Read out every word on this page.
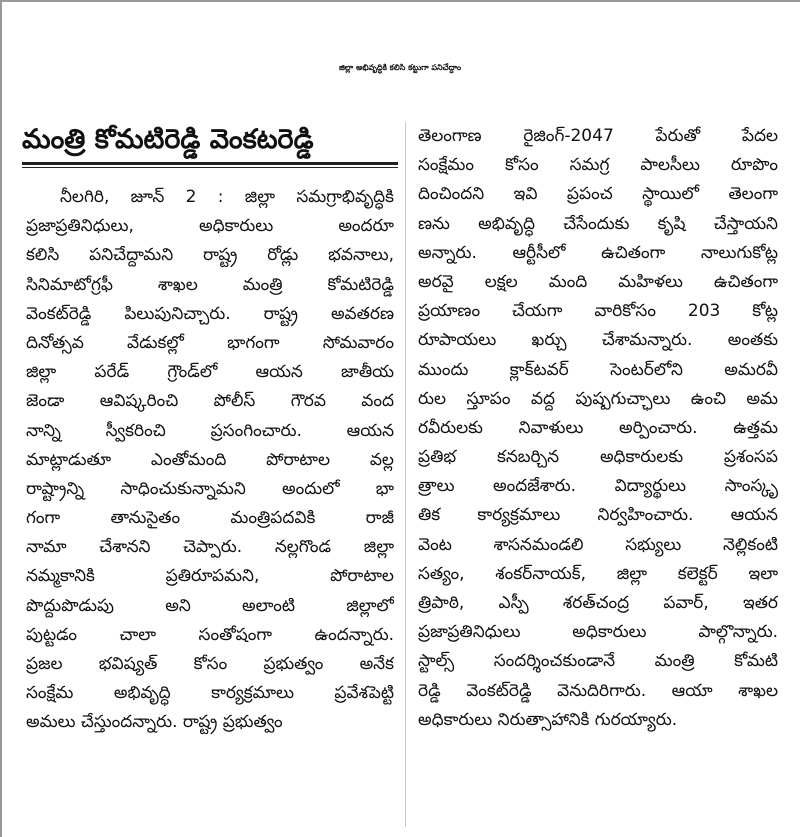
జిల్లా అభివృద్ధికి కలిసి కట్టుగా పనిచేద్దాం
మంత్రి కోమటిరెడ్డి వెంకటరెడ్డి
నీలగిరి, జూన్ 2 : జిల్లా సమగ్రాభివృద్ధికి
ప్రజాప్రతినిధులు, అధికారులు అందరూ
కలిసి పనిచేద్దామని రాష్ట్ర రోడ్లు భవనాలు,
సినిమాటోగ్రఫీ శాఖల మంత్రి కోమటిరెడ్డి
వెంకట్‌రెడ్డి పిలుపునిచ్చారు. రాష్ట్ర అవతరణ
దినోత్సవ వేడుకల్లో భాగంగా సోమవారం
జిల్లా పరేడ్ గ్రౌండ్‌లో ఆయన జాతీయ
జెండా ఆవిష్కరించి పోలీస్ గౌరవ వంద
నాన్ని స్వీకరించి ప్రసంగించారు. ఆయన
మాట్లాడుతూ ఎంతోమంది పోరాటాల వల్ల
రాష్ట్రాన్ని సాధించుకున్నామని అందులో భా
గంగా తానుసైతం మంత్రిపదవికి రాజీ
నామా చేశానని చెప్పారు. నల్లగొండ జిల్లా
నమ్మకానికి ప్రతిరూపమని, పోరాటాల
పొద్దుపొడుపు అని అలాంటి జిల్లాలో
పుట్టడం చాలా సంతోషంగా ఉందన్నారు.
ప్రజల భవిష్యత్ కోసం ప్రభుత్వం అనేక
సంక్షేమ అభివృద్ధి కార్యక్రమాలు ప్రవేశపెట్టి
అమలు చేస్తుందన్నారు. రాష్ట్ర ప్రభుత్వం
తెలంగాణ రైజింగ్-2047 పేరుతో పేదల
సంక్షేమం కోసం సమగ్ర పాలసీలు రూపొం
దించిందని ఇవి ప్రపంచ స్థాయిలో తెలంగా
ణను అభివృద్ధి చేసేందుకు కృషి చేస్తాయని
అన్నారు. ఆర్టీసీలో ఉచితంగా నాలుగుకోట్ల
అరవై లక్షల మంది మహిళలు ఉచితంగా
ప్రయాణం చేయగా వారికోసం 203 కోట్ల
రూపాయలు ఖర్చు చేశామన్నారు. అంతకు
ముందు క్లాక్‌టవర్ సెంటర్‌లోని అమరవీ
రుల స్తూపం వద్ద పుష్పగుచ్ఛాలు ఉంచి అమ
రవీరులకు నివాళులు అర్పించారు. ఉత్తమ
ప్రతిభ కనబర్చిన అధికారులకు ప్రశంసప
త్రాలు అందజేశారు. విద్యార్థులు సాంస్కృ
తిక కార్యక్రమాలు నిర్వహించారు. ఆయన
వెంట శాసనమండలి సభ్యులు నెల్లికంటి
సత్యం, శంకర్‌నాయక్, జిల్లా కలెక్టర్ ఇలా
త్రిపాఠి, ఎస్పీ శరత్‌చంద్ర పవార్, ఇతర
ప్రజాప్రతినిధులు అధికారులు పాల్గొన్నారు.
స్టాల్స్ సందర్శించకుండానే మంత్రి కోమటి
రెడ్డి వెంకట్‌రెడ్డి వెనుదిరిగారు. ఆయా శాఖల
అధికారులు నిరుత్సాహానికి గురయ్యారు.
